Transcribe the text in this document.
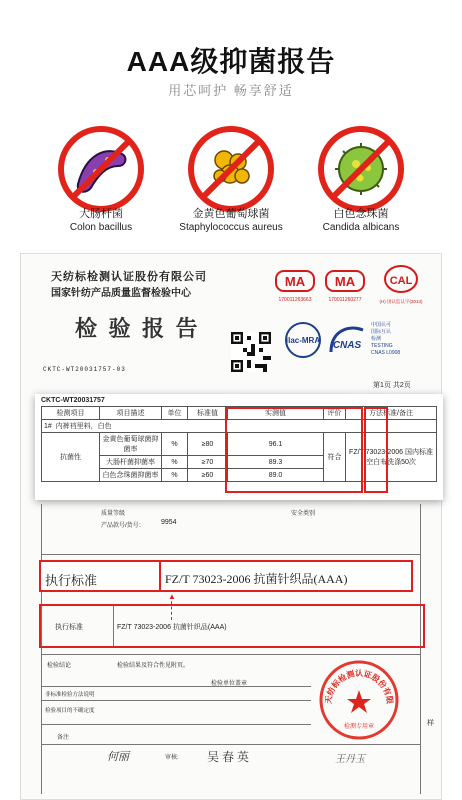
AAA级抑菌报告
用芯呵护 畅享舒适
大肠杆菌
Colon bacillus
金黄色葡萄球菌
Staphylococcus aureus
白色念珠菌
Candida albicans
天纺标检测认证股份有限公司
国家针纺产品质量监督检验中心
检 验 报 告
CKTC-WT20031757-03
MA
170011263663
MA
170011260277
CAL
(H) 国认监认字(2013)
ilac-MRA CNAS
中国认可
国际互认
检测
TESTING
CNAS L0908
第1页 共2页
CKTC-WT20031757
检测项目	项目描述	单位	标准值	实测值	评价	方法标准/备注
1# 内裤裆里料，白色						
抗菌性	金黄色葡萄球菌抑菌率	%	≥80	96.1	符合	FZ/T 73023-2006 国内标准空白布洗涤50次
	大肠杆菌抑菌率	%	≥70	89.3		
	白色念珠菌抑菌率	%	≥60	89.0		
质量等级	安全类别
产品款号/货号： 9954
执行标准	FZ/T 73023-2006 抗菌针织品(AAA)
▲
执行标准	FZ/T 73023-2006 抗菌针织品(AAA)
检验结论	检验结果及符合性见附页。
检验单位盖章
非标准检验方法说明
检验项目的不确定度
备注
样
天纺标检测认证股份有限
检测专用章
何丽	审核: 吴春英	王丹玉
